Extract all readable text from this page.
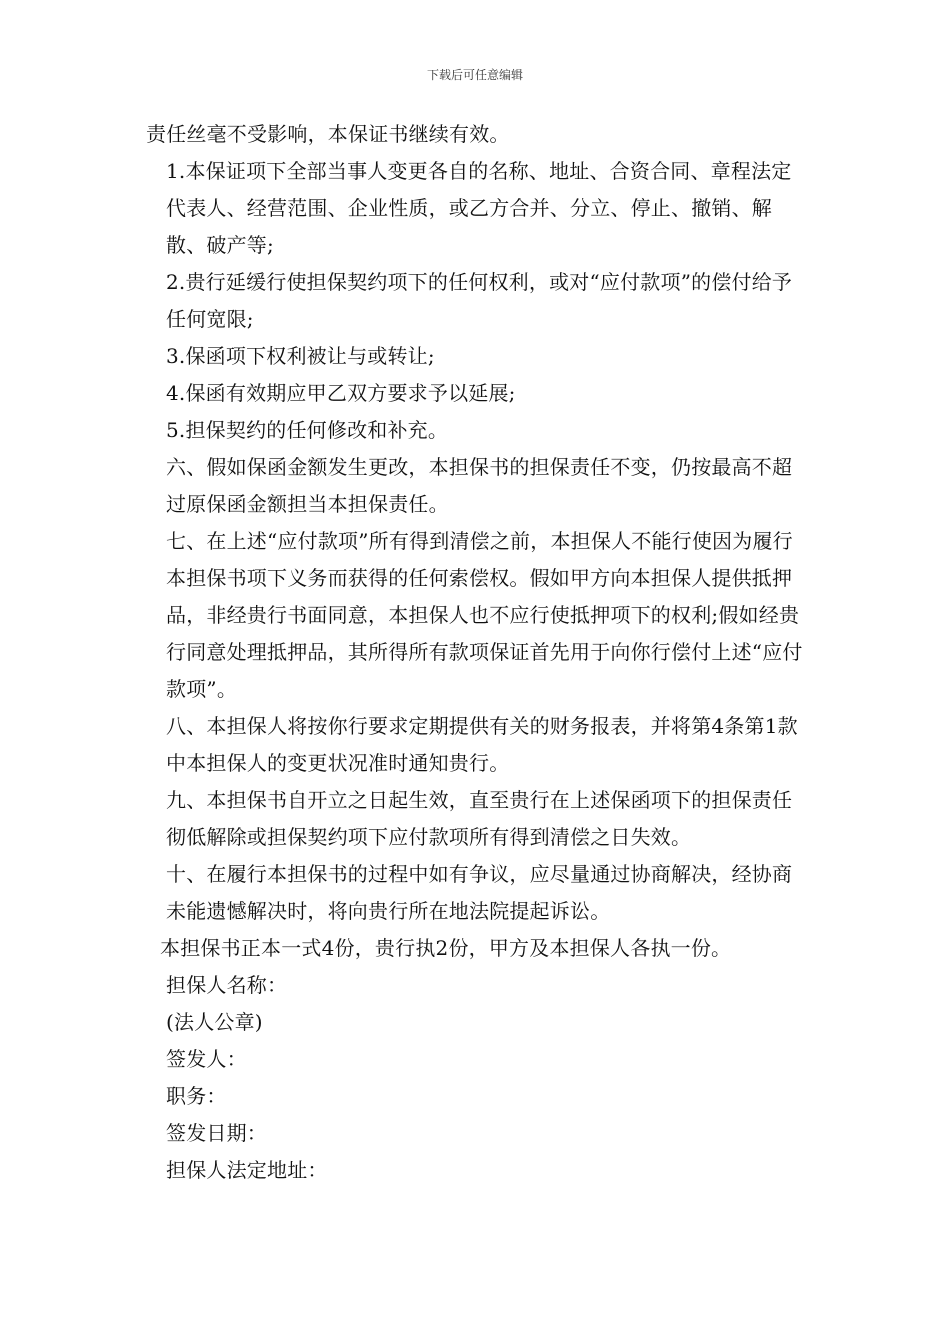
下载后可任意编辑

责任丝毫不受影响，本保证书继续有效。

1.本保证项下全部当事人变更各自的名称、地址、合资合同、章程法定代表人、经营范围、企业性质，或乙方合并、分立、停止、撤销、解散、破产等;

2.贵行延缓行使担保契约项下的任何权利，或对“应付款项”的偿付给予任何宽限;

3.保函项下权利被让与或转让;

4.保函有效期应甲乙双方要求予以延展;

5.担保契约的任何修改和补充。

六、假如保函金额发生更改，本担保书的担保责任不变，仍按最高不超过原保函金额担当本担保责任。

七、在上述“应付款项”所有得到清偿之前，本担保人不能行使因为履行本担保书项下义务而获得的任何索偿权。假如甲方向本担保人提供抵押品，非经贵行书面同意，本担保人也不应行使抵押项下的权利;假如经贵行同意处理抵押品，其所得所有款项保证首先用于向你行偿付上述“应付款项”。

八、本担保人将按你行要求定期提供有关的财务报表，并将第4条第1款中本担保人的变更状况准时通知贵行。

九、本担保书自开立之日起生效，直至贵行在上述保函项下的担保责任彻低解除或担保契约项下应付款项所有得到清偿之日失效。

十、在履行本担保书的过程中如有争议，应尽量通过协商解决，经协商未能遗憾解决时，将向贵行所在地法院提起诉讼。

本担保书正本一式4份，贵行执2份，甲方及本担保人各执一份。

担保人名称：

(法人公章)

签发人：

职务：

签发日期：

担保人法定地址：
